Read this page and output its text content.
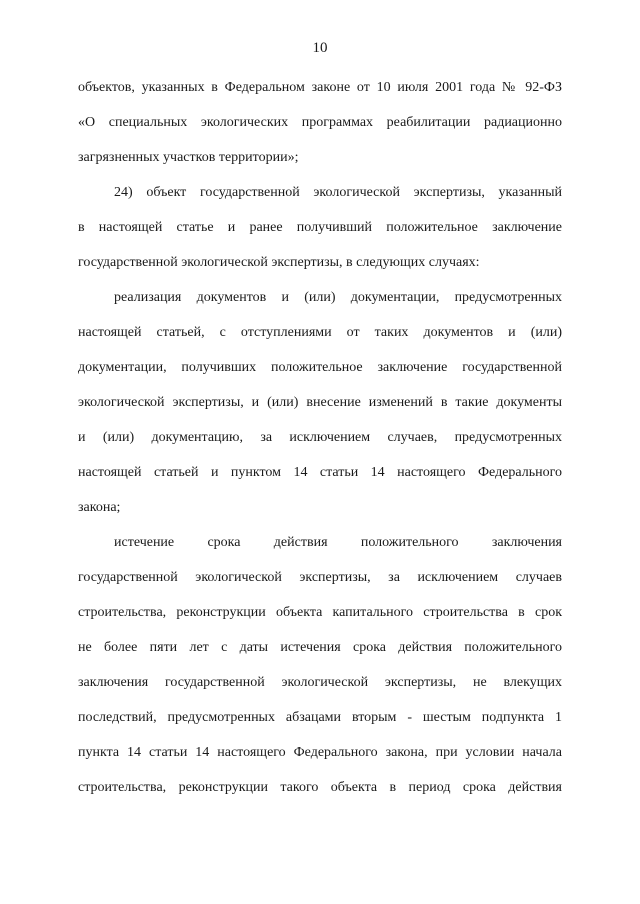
10
объектов, указанных в Федеральном законе от 10 июля 2001 года № 92-ФЗ
«О специальных экологических программах реабилитации радиационно
загрязненных участков территории»;
24) объект государственной экологической экспертизы, указанный
в настоящей статье и ранее получивший положительное заключение
государственной экологической экспертизы, в следующих случаях:
реализация документов и (или) документации, предусмотренных
настоящей статьей, с отступлениями от таких документов и (или)
документации, получивших положительное заключение государственной
экологической экспертизы, и (или) внесение изменений в такие документы
и (или) документацию, за исключением случаев, предусмотренных
настоящей статьей и пунктом 14 статьи 14 настоящего Федерального
закона;
истечение срока действия положительного заключения
государственной экологической экспертизы, за исключением случаев
строительства, реконструкции объекта капитального строительства в срок
не более пяти лет с даты истечения срока действия положительного
заключения государственной экологической экспертизы, не влекущих
последствий, предусмотренных абзацами вторым - шестым подпункта 1
пункта 14 статьи 14 настоящего Федерального закона, при условии начала
строительства, реконструкции такого объекта в период срока действия
